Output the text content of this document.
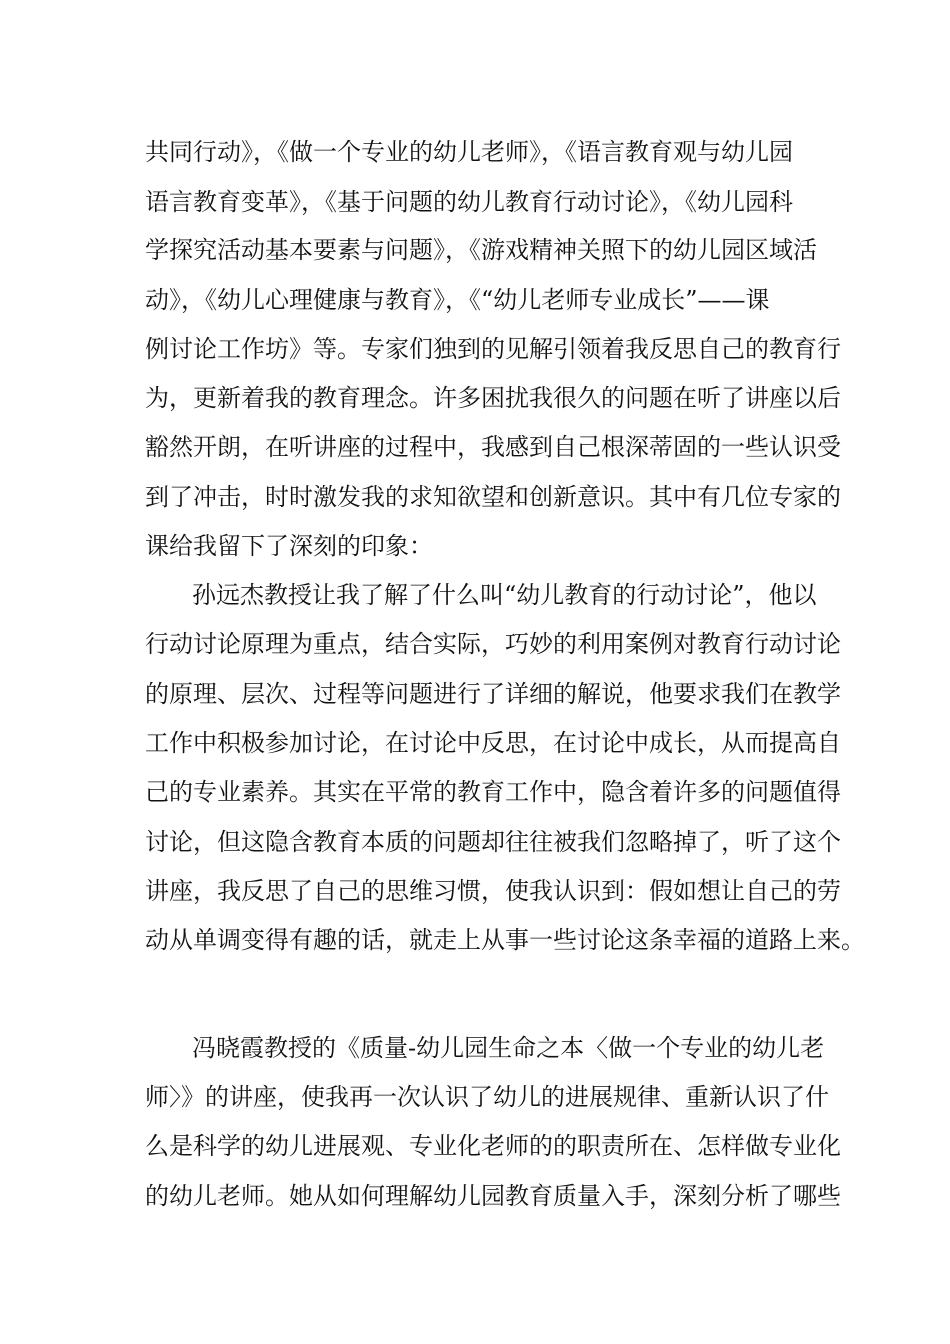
共同行动》，《做一个专业的幼儿老师》，《语言教育观与幼儿园

语言教育变革》，《基于问题的幼儿教育行动讨论》，《幼儿园科

学探究活动基本要素与问题》，《游戏精神关照下的幼儿园区域活

动》，《幼儿心理健康与教育》，《“幼儿老师专业成长”——课

例讨论工作坊》等。专家们独到的见解引领着我反思自己的教育行

为，更新着我的教育理念。许多困扰我很久的问题在听了讲座以后

豁然开朗，在听讲座的过程中，我感到自己根深蒂固的一些认识受

到了冲击，时时激发我的求知欲望和创新意识。其中有几位专家的

课给我留下了深刻的印象：

孙远杰教授让我了解了什么叫“幼儿教育的行动讨论”，他以

行动讨论原理为重点，结合实际，巧妙的利用案例对教育行动讨论

的原理、层次、过程等问题进行了详细的解说，他要求我们在教学

工作中积极参加讨论，在讨论中反思，在讨论中成长，从而提高自

己的专业素养。其实在平常的教育工作中，隐含着许多的问题值得

讨论，但这隐含教育本质的问题却往往被我们忽略掉了，听了这个

讲座，我反思了自己的思维习惯，使我认识到：假如想让自己的劳

动从单调变得有趣的话，就走上从事一些讨论这条幸福的道路上来。

冯晓霞教授的《质量-幼儿园生命之本〈做一个专业的幼儿老

师〉》的讲座，使我再一次认识了幼儿的进展规律、重新认识了什

么是科学的幼儿进展观、专业化老师的的职责所在、怎样做专业化

的幼儿老师。她从如何理解幼儿园教育质量入手，深刻分析了哪些
